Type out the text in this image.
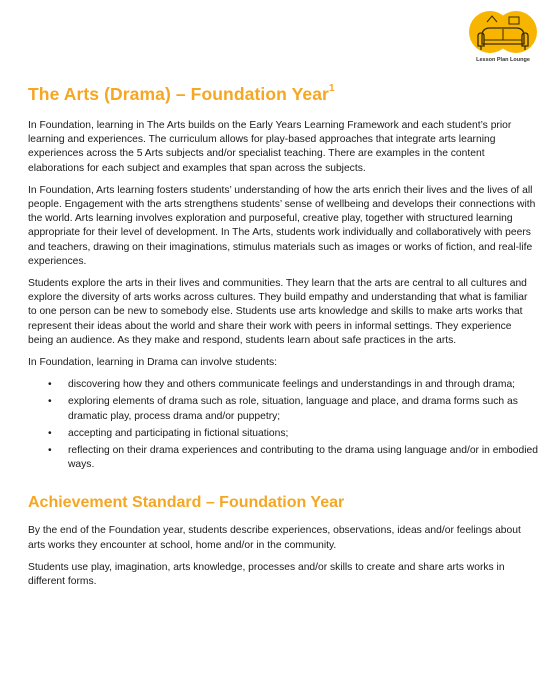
Lesson Plan Lounge
The Arts (Drama) – Foundation Year$^1$

In Foundation, learning in The Arts builds on the Early Years Learning Framework and each student’s prior learning and experiences. The curriculum allows for play-based approaches that integrate arts learning experiences across the 5 Arts subjects and/or specialist teaching. There are examples in the content elaborations for each subject and examples that span across the subjects.

In Foundation, Arts learning fosters students’ understanding of how the arts enrich their lives and the lives of all people. Engagement with the arts strengthens students’ sense of wellbeing and develops their connections with the world. Arts learning involves exploration and purposeful, creative play, together with structured learning appropriate for their level of development. In The Arts, students work individually and collaboratively with peers and teachers, drawing on their imaginations, stimulus materials such as images or works of fiction, and real-life experiences.

Students explore the arts in their lives and communities. They learn that the arts are central to all cultures and explore the diversity of arts works across cultures. They build empathy and understanding that what is familiar to one person can be new to somebody else. Students use arts knowledge and skills to make arts works that represent their ideas about the world and share their work with peers in informal settings. They experience being an audience. As they make and respond, students learn about safe practices in the arts.

In Foundation, learning in Drama can involve students:

• discovering how they and others communicate feelings and understandings in and through drama;
• exploring elements of drama such as role, situation, language and place, and drama forms such as dramatic play, process drama and/or puppetry;
• accepting and participating in fictional situations;
• reflecting on their drama experiences and contributing to the drama using language and/or in embodied ways.
Achievement Standard – Foundation Year

By the end of the Foundation year, students describe experiences, observations, ideas and/or feelings about arts works they encounter at school, home and/or in the community.

Students use play, imagination, arts knowledge, processes and/or skills to create and share arts works in different forms.
